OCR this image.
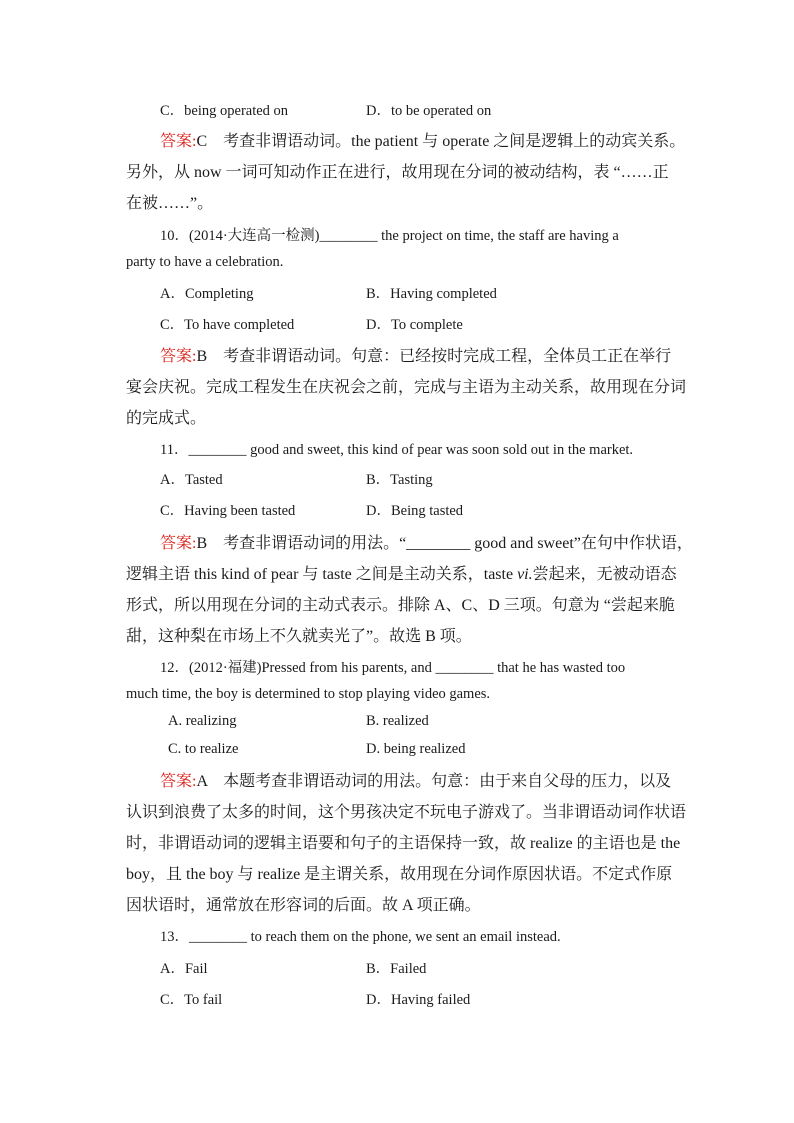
C．being operated on	D．to be operated on
答案:C　考查非谓语动词。the patient 与 operate 之间是逻辑上的动宾关系。
另外，从 now 一词可知动作正在进行，故用现在分词的被动结构，表 “……正
在被……”。
10．(2014·大连高一检测)________ the project on time, the staff are having a
party to have a celebration.
A．Completing	B．Having completed
C．To have completed	D．To complete
答案:B　考查非谓语动词。句意：已经按时完成工程，全体员工正在举行
宴会庆祝。完成工程发生在庆祝会之前，完成与主语为主动关系，故用现在分词
的完成式。
11．________ good and sweet, this kind of pear was soon sold out in the market.
A．Tasted	B．Tasting
C．Having been tasted	D．Being tasted
答案:B　考查非谓语动词的用法。“________ good and sweet”在句中作状语，
逻辑主语 this kind of pear 与 taste 之间是主动关系，taste vi.尝起来，无被动语态
形式，所以用现在分词的主动式表示。排除 A、C、D 三项。句意为 “尝起来脆
甜，这种梨在市场上不久就卖光了”。故选 B 项。
12．(2012·福建)Pressed from his parents, and ________ that he has wasted too
much time, the boy is determined to stop playing video games.
A. realizing	B. realized
C. to realize	D. being realized
答案:A　本题考查非谓语动词的用法。句意：由于来自父母的压力，以及
认识到浪费了太多的时间，这个男孩决定不玩电子游戏了。当非谓语动词作状语
时，非谓语动词的逻辑主语要和句子的主语保持一致，故 realize 的主语也是 the
boy，且 the boy 与 realize 是主谓关系，故用现在分词作原因状语。不定式作原
因状语时，通常放在形容词的后面。故 A 项正确。
13．________ to reach them on the phone, we sent an email instead.
A．Fail	B．Failed
C．To fail	D．Having failed
